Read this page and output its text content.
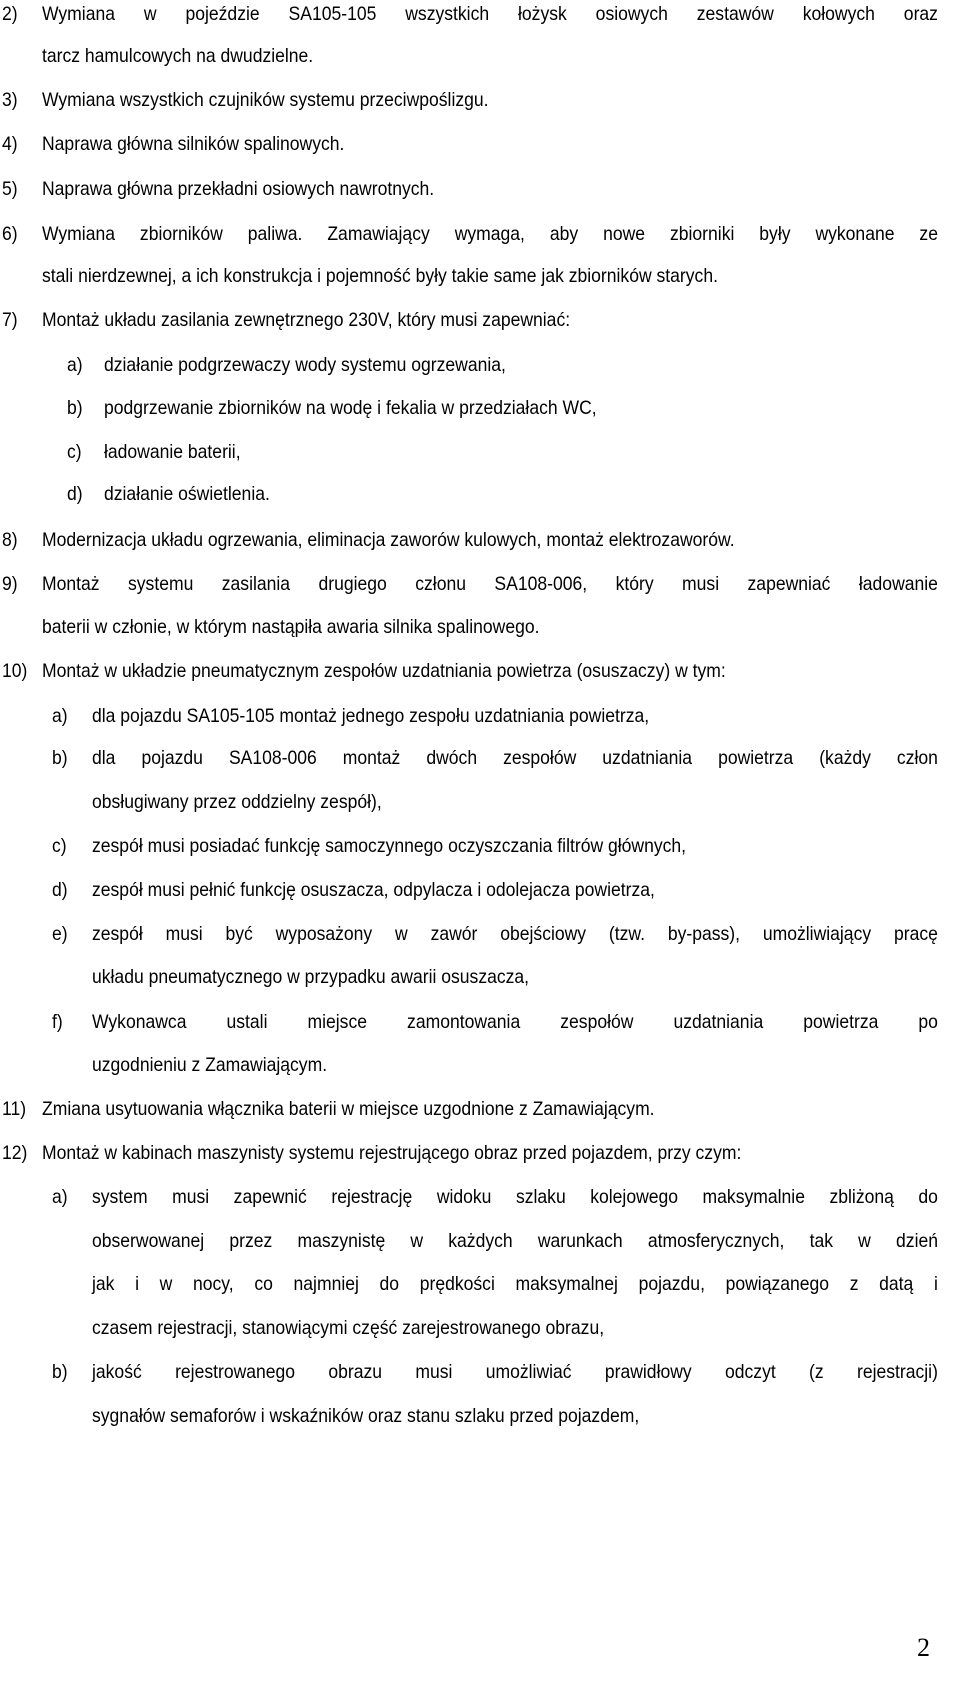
2) Wymiana w pojeździe SA105-105 wszystkich łożysk osiowych zestawów kołowych oraz
tarcz hamulcowych na dwudzielne.
3) Wymiana wszystkich czujników systemu przeciwpoślizgu.
4) Naprawa główna silników spalinowych.
5) Naprawa główna przekładni osiowych nawrotnych.
6) Wymiana zbiorników paliwa. Zamawiający wymaga, aby nowe zbiorniki były wykonane ze
stali nierdzewnej, a ich konstrukcja i pojemność były takie same jak zbiorników starych.
7) Montaż układu zasilania zewnętrznego 230V, który musi zapewniać:
a) działanie podgrzewaczy wody systemu ogrzewania,
b) podgrzewanie zbiorników na wodę i fekalia w przedziałach WC,
c) ładowanie baterii,
d) działanie oświetlenia.
8) Modernizacja układu ogrzewania, eliminacja zaworów kulowych, montaż elektrozaworów.
9) Montaż systemu zasilania drugiego członu SA108-006, który musi zapewniać ładowanie
baterii w członie, w którym nastąpiła awaria silnika spalinowego.
10) Montaż w układzie pneumatycznym zespołów uzdatniania powietrza (osuszaczy) w tym:
a) dla pojazdu SA105-105 montaż jednego zespołu uzdatniania powietrza,
b) dla pojazdu SA108-006 montaż dwóch zespołów uzdatniania powietrza (każdy człon
obsługiwany przez oddzielny zespół),
c) zespół musi posiadać funkcję samoczynnego oczyszczania filtrów głównych,
d) zespół musi pełnić funkcję osuszacza, odpylacza i odolejacza powietrza,
e) zespół musi być wyposażony w zawór obejściowy (tzw. by-pass), umożliwiający pracę
układu pneumatycznego w przypadku awarii osuszacza,
f) Wykonawca ustali miejsce zamontowania zespołów uzdatniania powietrza po
uzgodnieniu z Zamawiającym.
11) Zmiana usytuowania włącznika baterii w miejsce uzgodnione z Zamawiającym.
12) Montaż w kabinach maszynisty systemu rejestrującego obraz przed pojazdem, przy czym:
a) system musi zapewnić rejestrację widoku szlaku kolejowego maksymalnie zbliżoną do
obserwowanej przez maszynistę w każdych warunkach atmosferycznych, tak w dzień
jak i w nocy, co najmniej do prędkości maksymalnej pojazdu, powiązanego z datą i
czasem rejestracji, stanowiącymi część zarejestrowanego obrazu,
b) jakość rejestrowanego obrazu musi umożliwiać prawidłowy odczyt (z rejestracji)
sygnałów semaforów i wskaźników oraz stanu szlaku przed pojazdem,
2
